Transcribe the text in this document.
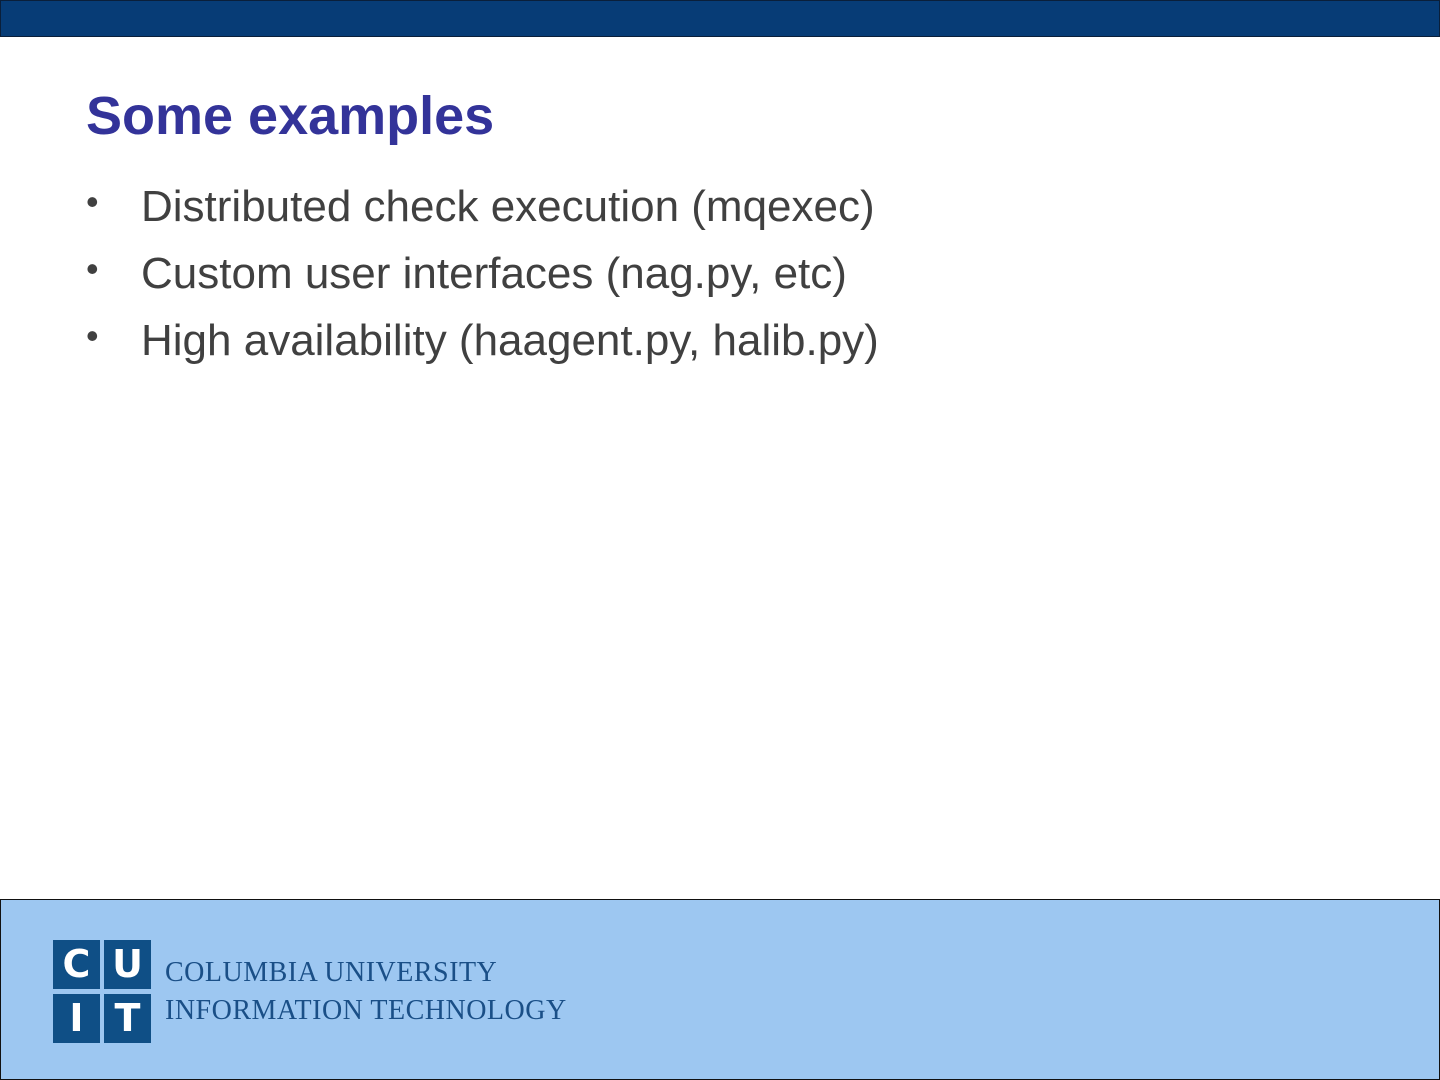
Some examples
• Distributed check execution (mqexec)
• Custom user interfaces (nag.py, etc)
• High availability (haagent.py, halib.py)
C U
I T
COLUMBIA UNIVERSITY
INFORMATION TECHNOLOGY
